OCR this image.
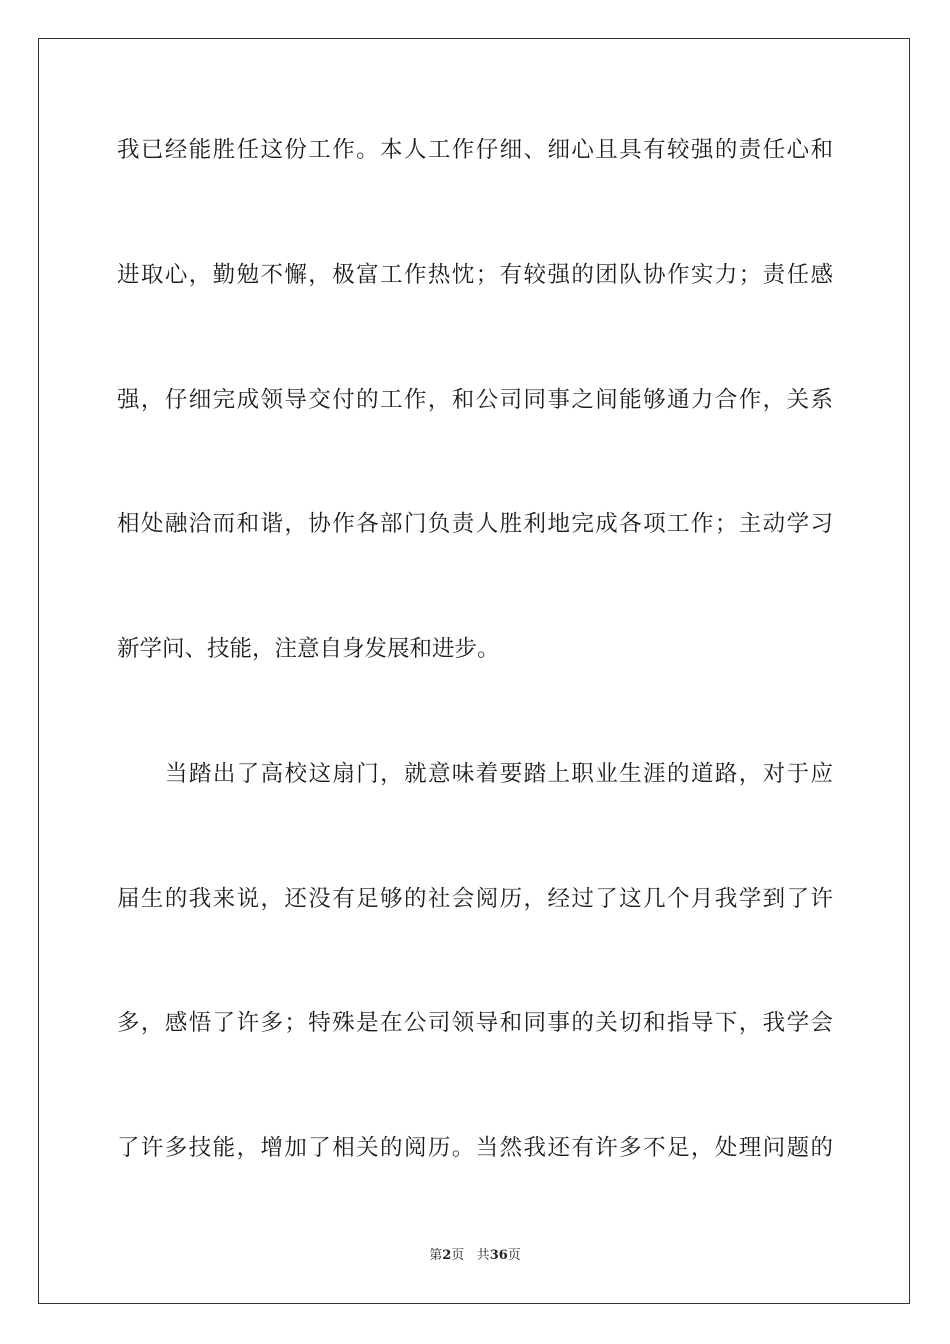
我已经能胜任这份工作。本人工作仔细、细心且具有较强的责任心和
进取心，勤勉不懈，极富工作热忱；有较强的团队协作实力；责任感
强，仔细完成领导交付的工作，和公司同事之间能够通力合作，关系
相处融洽而和谐，协作各部门负责人胜利地完成各项工作；主动学习
新学问、技能，注意自身发展和进步。
当踏出了高校这扇门，就意味着要踏上职业生涯的道路，对于应
届生的我来说，还没有足够的社会阅历，经过了这几个月我学到了许
多，感悟了许多；特殊是在公司领导和同事的关切和指导下，我学会
了许多技能，增加了相关的阅历。当然我还有许多不足，处理问题的
第2页 共36页
